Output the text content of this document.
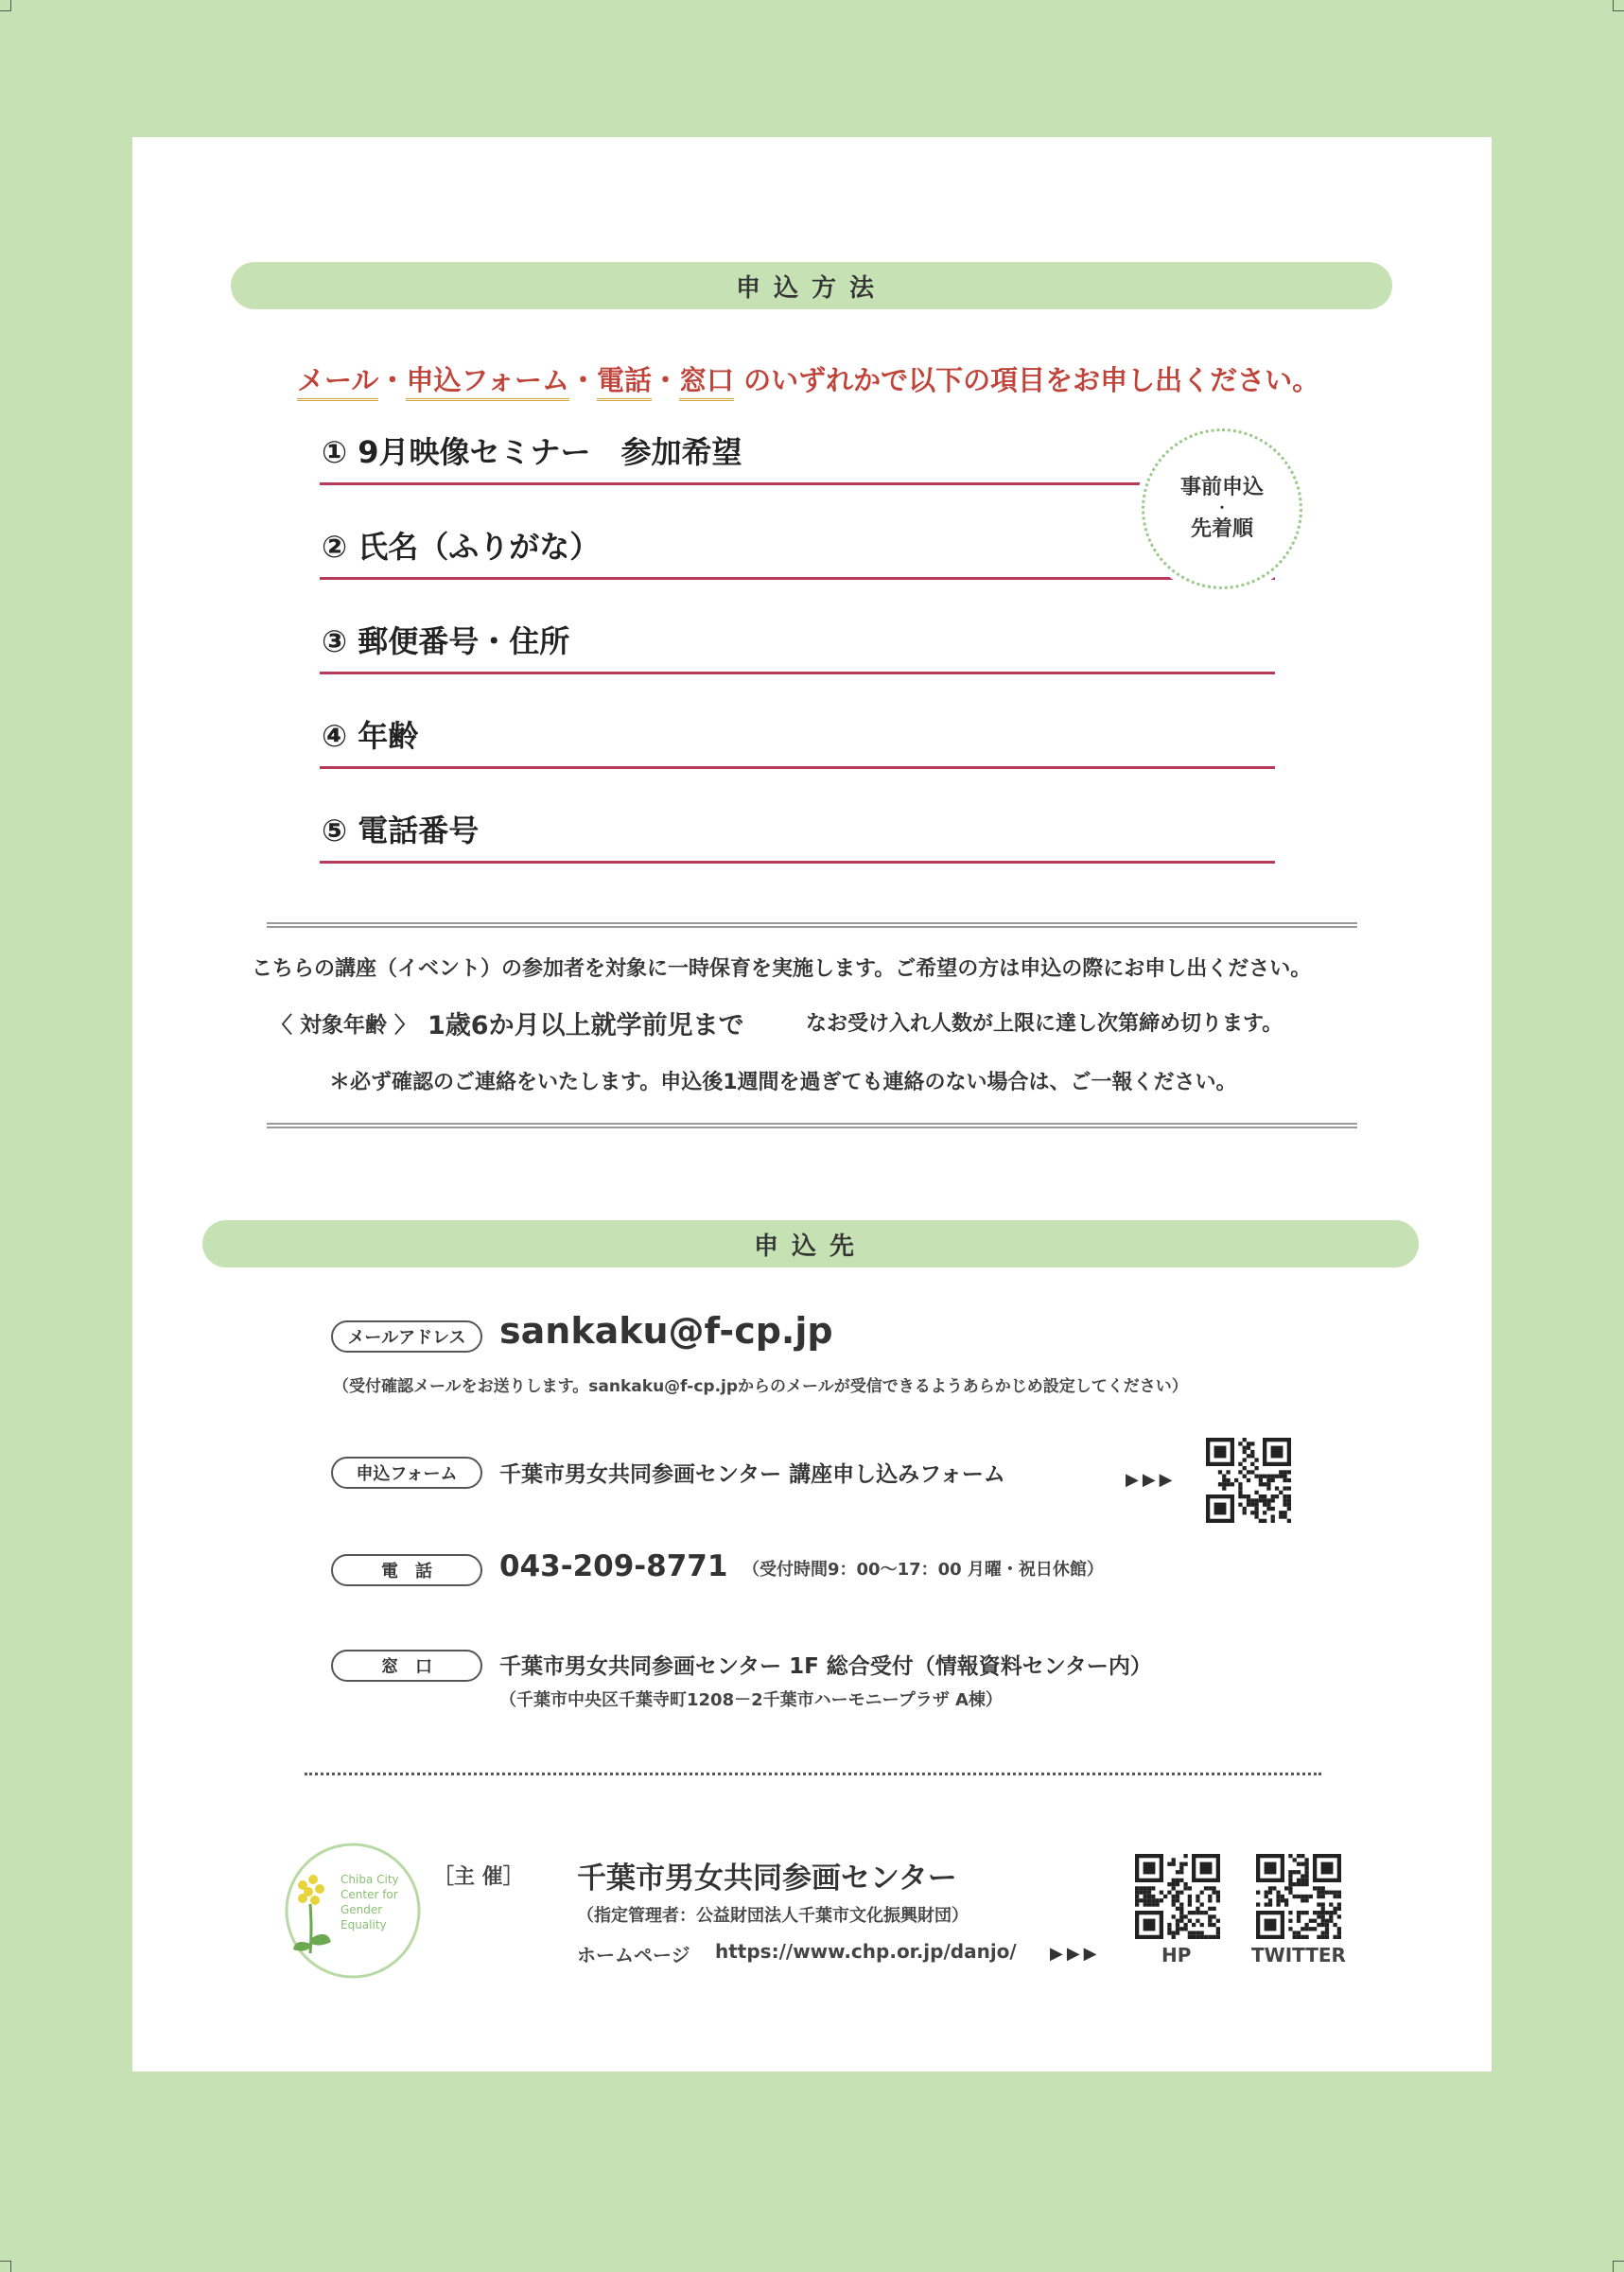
申込方法
メール・申込フォーム・電話・窓口 のいずれかで以下の項目をお申し出ください。
① 9月映像セミナー　参加希望
② 氏名（ふりがな）
③ 郵便番号・住所
④ 年齢
⑤ 電話番号
事前申込
・
先着順
こちらの講座（イベント）の参加者を対象に一時保育を実施します。ご希望の方は申込の際にお申し出ください。
〈 対象年齢 〉 1歳6か月以上就学前児まで	なお受け入れ人数が上限に達し次第締め切ります。
＊必ず確認のご連絡をいたします。申込後1週間を過ぎても連絡のない場合は、ご一報ください。
申込先
メールアドレス sankaku@f-cp.jp
（受付確認メールをお送りします。sankaku@f-cp.jpからのメールが受信できるようあらかじめ設定してください）
申込フォーム	千葉市男女共同参画センター 講座申し込みフォーム	▶▶▶
電　話	043-209-8771 （受付時間9：00～17：00 月曜・祝日休館）
窓　口	千葉市男女共同参画センター 1F 総合受付（情報資料センター内）
（千葉市中央区千葉寺町1208－2千葉市ハーモニープラザ A棟）
Chiba City
Center for
Gender
Equality
［主 催］ 千葉市男女共同参画センター
（指定管理者：公益財団法人千葉市文化振興財団）
ホームページ https://www.chp.or.jp/danjo/ ▶▶▶	HP	TWITTER
